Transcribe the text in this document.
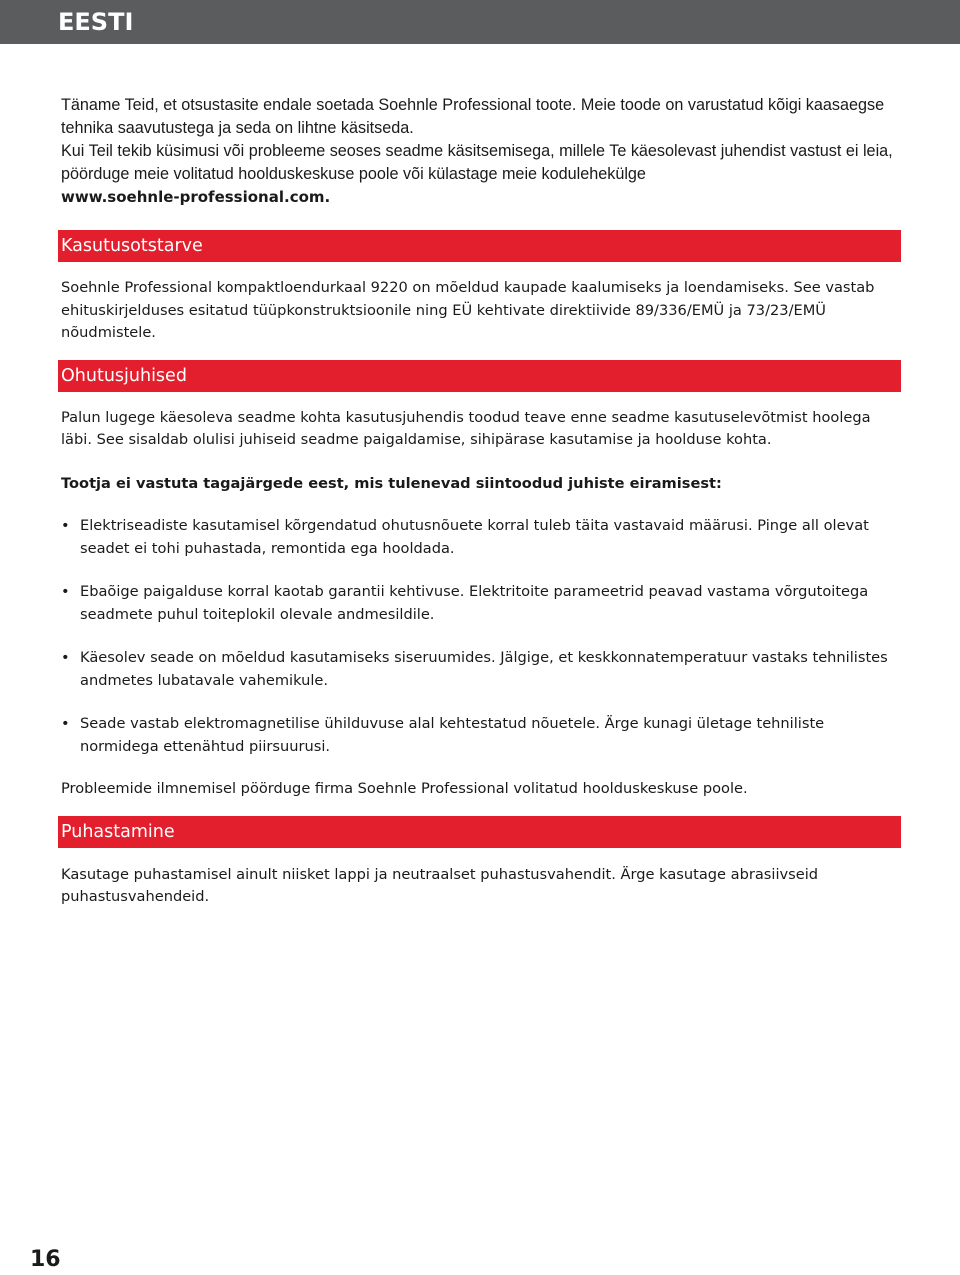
EESTI

Täname Teid, et otsustasite endale soetada Soehnle Professional toote. Meie toode on varustatud kõigi kaasaegse tehnika saavutustega ja seda on lihtne käsitseda.
Kui Teil tekib küsimusi või probleeme seoses seadme käsitsemisega, millele Te käesolevast juhendist vastust ei leia, pöörduge meie volitatud hoolduskeskuse poole või külastage meie kodulehekülge
www.soehnle-professional.com.

Kasutusotstarve

Soehnle Professional kompaktloendurkaal 9220 on mõeldud kaupade kaalumiseks ja loendamiseks. See vastab ehituskirjelduses esitatud tüüpkonstruktsioonile ning EÜ kehtivate direktiivide 89/336/EMÜ ja 73/23/EMÜ nõudmistele.

Ohutusjuhised

Palun lugege käesoleva seadme kohta kasutusjuhendis toodud teave enne seadme kasutuselevõtmist hoolega läbi. See sisaldab olulisi juhiseid seadme paigaldamise, sihipärase kasutamise ja hoolduse kohta.

Tootja ei vastuta tagajärgede eest, mis tulenevad siintoodud juhiste eiramisest:

• Elektriseadiste kasutamisel kõrgendatud ohutusnõuete korral tuleb täita vastavaid määrusi. Pinge all olevat seadet ei tohi puhastada, remontida ega hooldada.
• Ebaõige paigalduse korral kaotab garantii kehtivuse. Elektritoite parameetrid peavad vastama võrgutoitega seadmete puhul toiteplokil olevale andmesildile.
• Käesolev seade on mõeldud kasutamiseks siseruumides. Jälgige, et keskkonnatemperatuur vastaks tehnilistes andmetes lubatavale vahemikule.
• Seade vastab elektromagnetilise ühilduvuse alal kehtestatud nõuetele. Ärge kunagi ületage tehniliste normidega ettenähtud piirsuurusi.

Probleemide ilmnemisel pöörduge firma Soehnle Professional volitatud hoolduskeskuse poole.

Puhastamine

Kasutage puhastamisel ainult niisket lappi ja neutraalset puhastusvahendit. Ärge kasutage abrasiivseid puhastusvahendeid.

16
